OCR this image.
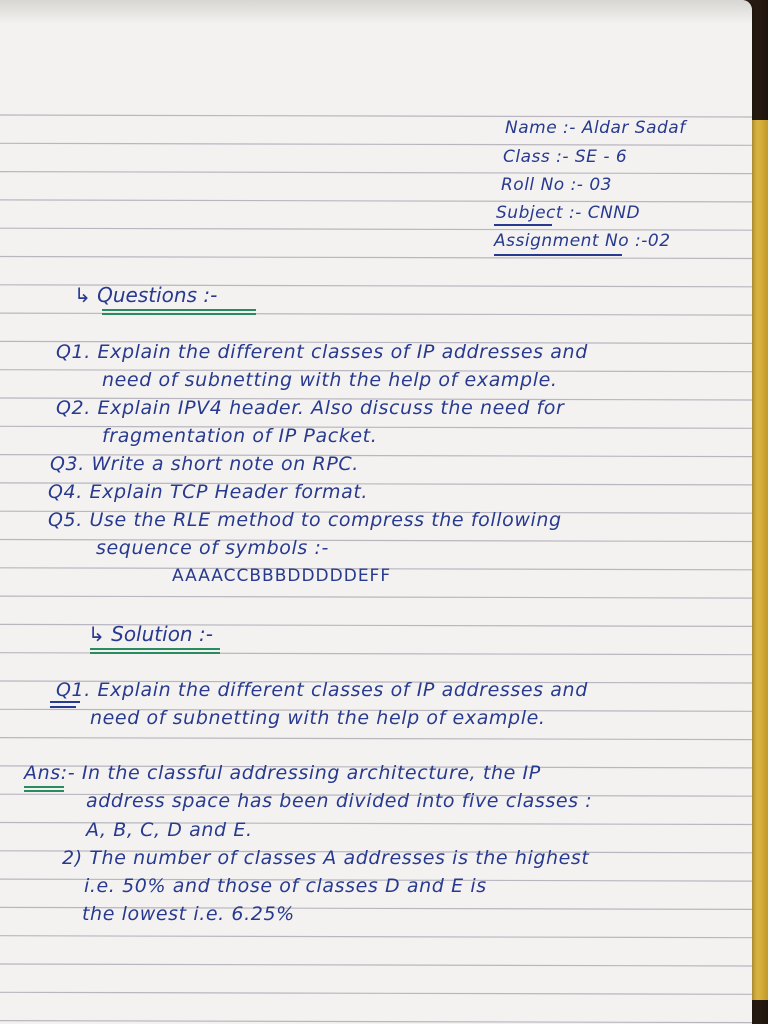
Name :- Aldar Sadaf
Class :- SE - 6
Roll No :- 03
Subject :- CNND
Assignment No :-02
↳ Questions :-
Q1. Explain the different classes of IP addresses and
need of subnetting with the help of example.
Q2. Explain IPV4 header. Also discuss the need for
fragmentation of IP Packet.
Q3. Write a short note on RPC.
Q4. Explain TCP Header format.
Q5. Use the RLE method to compress the following
sequence of symbols :-
AAAACCBBBDDDDDEFF
↳ Solution :-
Q1. Explain the different classes of IP addresses and
need of subnetting with the help of example.
Ans:- In the classful addressing architecture, the IP
address space has been divided into five classes :
A, B, C, D and E.
2) The number of classes A addresses is the highest
i.e. 50% and those of classes D and E is
the lowest i.e. 6.25%
